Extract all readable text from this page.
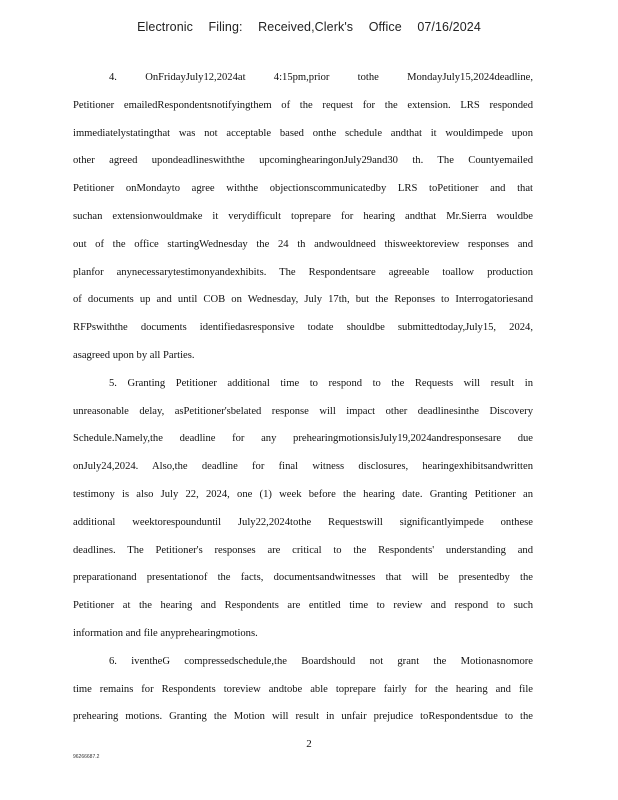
Electronic Filing: Received,Clerk's Office 07/16/2024
4. OnFridayJuly12,2024at 4:15pm,prior tothe MondayJuly15,2024deadline,
Petitioner emailedRespondentsnotifyingthem of the request for the extension. LRS responded
immediatelystatingthat was not acceptable based onthe schedule andthat it wouldimpede upon
other agreed upondeadlineswiththe upcominghearingonJuly29and30 th. The Countyemailed
Petitioner onMondayto agree withthe objectionscommunicatedby LRS toPetitioner and that
suchan extensionwouldmake it verydifficult toprepare for hearing andthat Mr.Sierra wouldbe
out of the office startingWednesday the 24 th andwouldneed thisweektoreview responses and
planfor anynecessarytestimonyandexhibits. The Respondentsare agreeable toallow production
of documents up and until COB on Wednesday, July 17th, but the Reponses to Interrogatoriesand
RFPswiththe documents identifiedasresponsive todate shouldbe submittedtoday,July15, 2024,
asagreed upon by all Parties.
5. Granting Petitioner additional time to respond to the Requests will result in
unreasonable delay, asPetitioner'sbelated response will impact other deadlinesinthe Discovery
Schedule.Namely,the deadline for any prehearingmotionsisJuly19,2024andresponsesare due
onJuly24,2024. Also,the deadline for final witness disclosures, hearingexhibitsandwritten
testimony is also July 22, 2024, one (1) week before the hearing date. Granting Petitioner an
additional weektorespounduntil July22,2024tothe Requestswill significantlyimpede onthese
deadlines. The Petitioner's responses are critical to the Respondents' understanding and
preparationand presentationof the facts, documentsandwitnesses that will be presentedby the
Petitioner at the hearing and Respondents are entitled time to review and respond to such
information and file anyprehearingmotions.
6. iventheG compressedschedule,the Boardshould not grant the Motionasnomore
time remains for Respondents toreview andtobe able toprepare fairly for the hearing and file
prehearing motions. Granting the Motion will result in unfair prejudice toRespondentsdue to the
2
96266687.2
